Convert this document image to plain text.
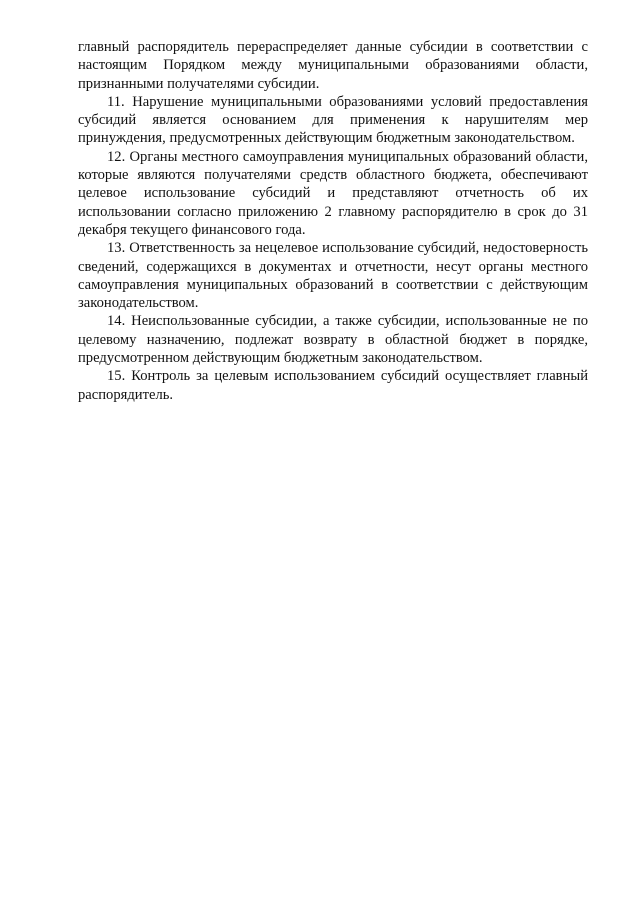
главный распорядитель перераспределяет данные субсидии в соответствии с настоящим Порядком между муниципальными образованиями области, признанными получателями субсидии.

11. Нарушение муниципальными образованиями условий предоставления субсидий является основанием для применения к нарушителям мер принуждения, предусмотренных действующим бюджетным законодательством.

12. Органы местного самоуправления муниципальных образований области, которые являются получателями средств областного бюджета, обеспечивают целевое использование субсидий и представляют отчетность об их использовании согласно приложению 2 главному распорядителю в срок до 31 декабря текущего финансового года.

13. Ответственность за нецелевое использование субсидий, недостоверность сведений, содержащихся в документах и отчетности, несут органы местного самоуправления муниципальных образований в соответствии с действующим законодательством.

14. Неиспользованные субсидии, а также субсидии, использованные не по целевому назначению, подлежат возврату в областной бюджет в порядке, предусмотренном действующим бюджетным законодательством.

15. Контроль за целевым использованием субсидий осуществляет главный распорядитель.
